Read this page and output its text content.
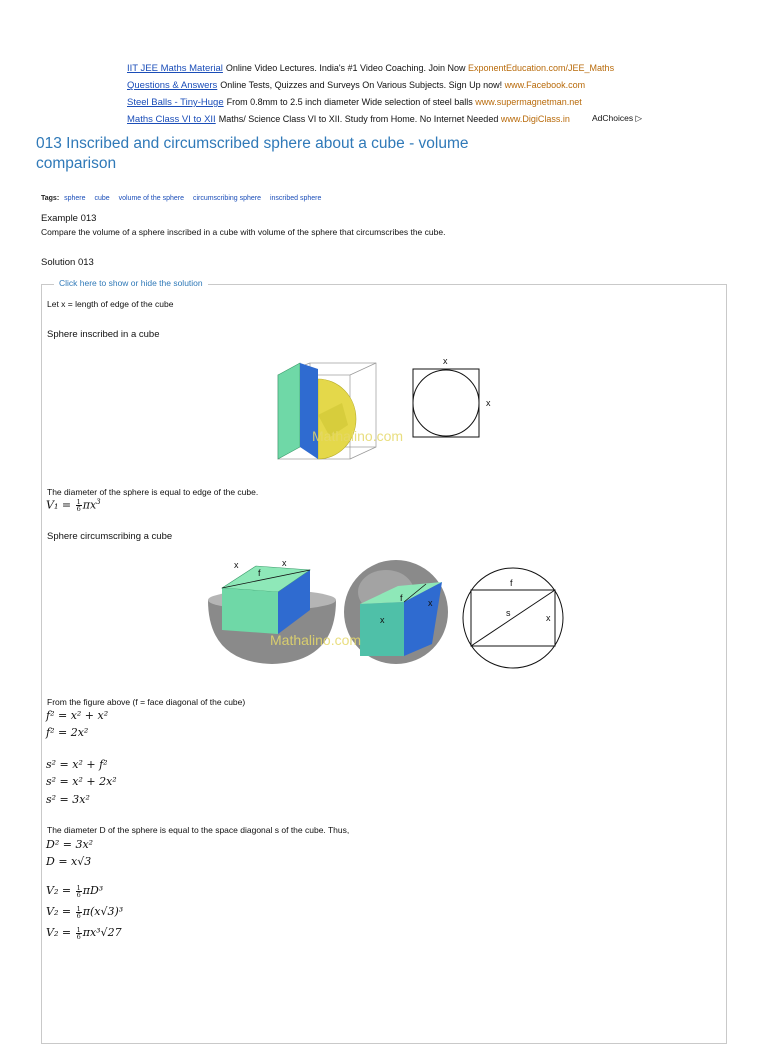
IIT JEE Maths Material Online Video Lectures. India's #1 Video Coaching. Join Now ExponentEducation.com/JEE_Maths
Questions & Answers Online Tests, Quizzes and Surveys On Various Subjects. Sign Up now! www.Facebook.com
Steel Balls - Tiny-Huge From 0.8mm to 2.5 inch diameter Wide selection of steel balls www.supermagnetman.net
Maths Class VI to XII Maths/ Science Class VI to XII. Study from Home. No Internet Needed www.DigiClass.in	AdChoices ▷
013 Inscribed and circumscribed sphere about a cube - volume comparison
Tags: sphere cube volume of the sphere circumscribing sphere inscribed sphere
Example 013
Compare the volume of a sphere inscribed in a cube with volume of the sphere that circumscribes the cube.
Solution 013
Click here to show or hide the solution
Let x = length of edge of the cube
Sphere inscribed in a cube
Mathalino.com
x
x
The diameter of the sphere is equal to edge of the cube.
$V_1 = \frac{1}{6} \pi x^3$
Sphere circumscribing a cube
x
f
x
f	x
x
Mathalino.com
f
s	x
From the figure above (f = face diagonal of the cube)
f² = x² + x²
f² = 2x²
s² = x² + f²
s² = x² + 2x²
s² = 3x²
The diameter D of the sphere is equal to the space diagonal s of the cube. Thus,
D² = 3x²
D = x√3
$V_2 = \frac{1}{6} \pi D^3$
$V_2 = \frac{1}{6} \pi(x√3)^3$
$V_2 = \frac{1}{6} \pi x^3√27$
